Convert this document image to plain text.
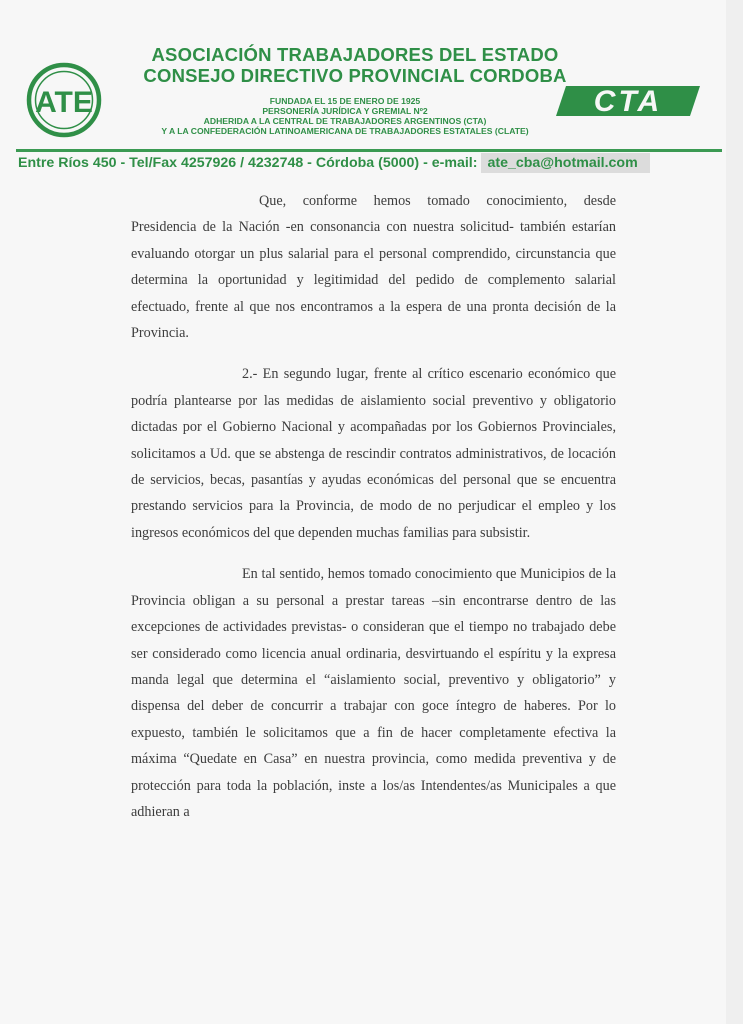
ATE
ASOCIACIÓN TRABAJADORES DEL ESTADO
CONSEJO DIRECTIVO PROVINCIAL CORDOBA
FUNDADA EL 15 DE ENERO DE 1925
PERSONERÍA JURÍDICA Y GREMIAL Nº2
ADHERIDA A LA CENTRAL DE TRABAJADORES ARGENTINOS (CTA)
Y A LA CONFEDERACIÓN LATINOAMERICANA DE TRABAJADORES ESTATALES (CLATE)
CTA
Entre Ríos 450 - Tel/Fax 4257926 / 4232748 - Córdoba (5000) - e-mail: ate_cba@hotmail.com

Que, conforme hemos tomado conocimiento, desde Presidencia de la Nación -en consonancia con nuestra solicitud- también estarían evaluando otorgar un plus salarial para el personal comprendido, circunstancia que determina la oportunidad y legitimidad del pedido de complemento salarial efectuado, frente al que nos encontramos a la espera de una pronta decisión de la Provincia.

2.- En segundo lugar, frente al crítico escenario económico que podría plantearse por las medidas de aislamiento social preventivo y obligatorio dictadas por el Gobierno Nacional y acompañadas por los Gobiernos Provinciales, solicitamos a Ud. que se abstenga de rescindir contratos administrativos, de locación de servicios, becas, pasantías y ayudas económicas del personal que se encuentra prestando servicios para la Provincia, de modo de no perjudicar el empleo y los ingresos económicos del que dependen muchas familias para subsistir.

En tal sentido, hemos tomado conocimiento que Municipios de la Provincia obligan a su personal a prestar tareas –sin encontrarse dentro de las excepciones de actividades previstas- o consideran que el tiempo no trabajado debe ser considerado como licencia anual ordinaria, desvirtuando el espíritu y la expresa manda legal que determina el “aislamiento social, preventivo y obligatorio” y dispensa del deber de concurrir a trabajar con goce íntegro de haberes. Por lo expuesto, también le solicitamos que a fin de hacer completamente efectiva la máxima “Quedate en Casa” en nuestra provincia, como medida preventiva y de protección para toda la población, inste a los/as Intendentes/as Municipales a que adhieran a
